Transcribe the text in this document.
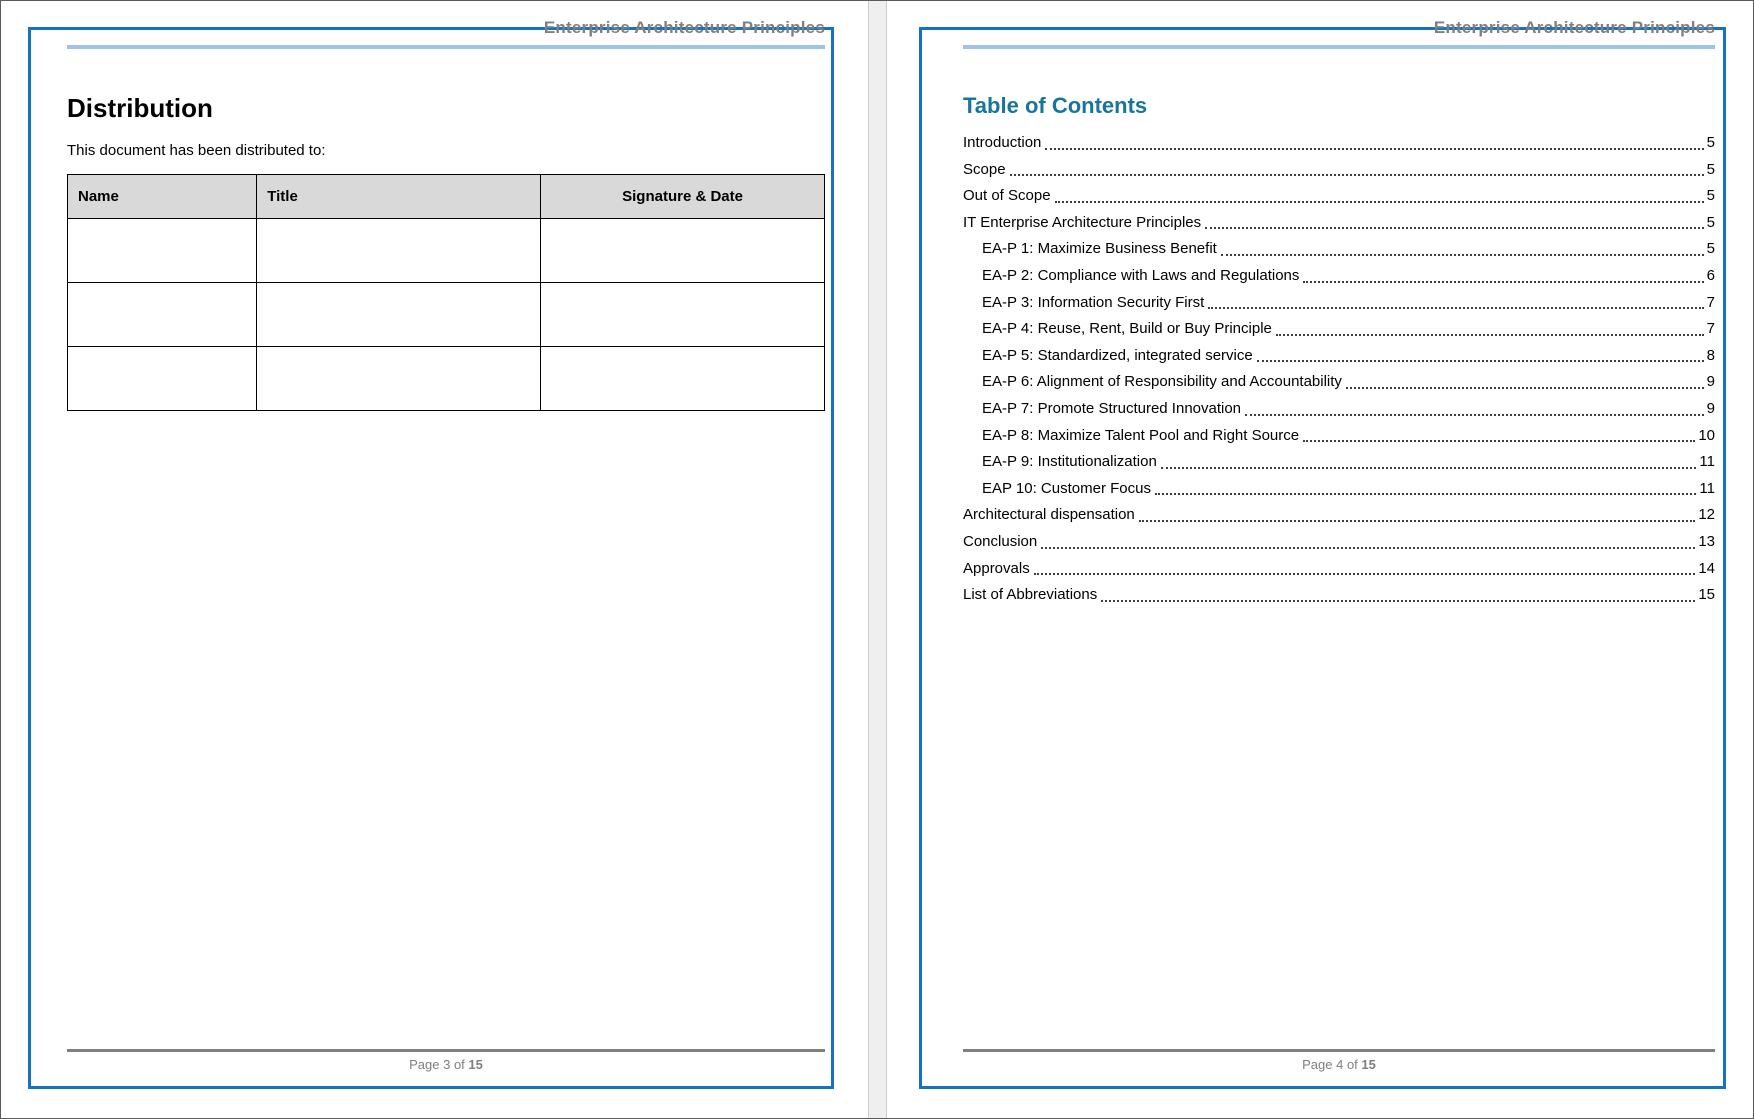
Enterprise Architecture Principles
Distribution
This document has been distributed to:
Name	Title	Signature & Date

Page 3 of 15
Enterprise Architecture Principles
Table of Contents
Introduction	5
Scope	5
Out of Scope	5
IT Enterprise Architecture Principles	5
EA-P 1: Maximize Business Benefit	5
EA-P 2: Compliance with Laws and Regulations	6
EA-P 3: Information Security First	7
EA-P 4: Reuse, Rent, Build or Buy Principle	7
EA-P 5: Standardized, integrated service	8
EA-P 6: Alignment of Responsibility and Accountability	9
EA-P 7: Promote Structured Innovation	9
EA-P 8: Maximize Talent Pool and Right Source	10
EA-P 9: Institutionalization	11
EAP 10: Customer Focus	11
Architectural dispensation	12
Conclusion	13
Approvals	14
List of Abbreviations	15
Page 4 of 15
